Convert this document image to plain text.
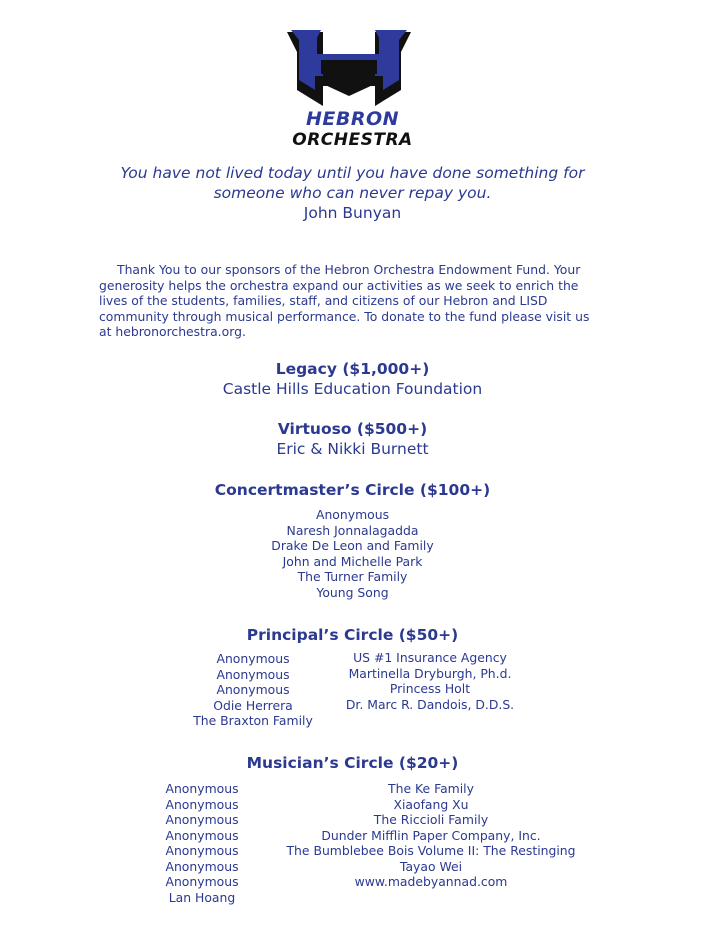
HEBRON
ORCHESTRA
You have not lived today until you have done something for
someone who can never repay you.
John Bunyan
Thank You to our sponsors of the Hebron Orchestra Endowment Fund. Your generosity helps the orchestra expand our activities as we seek to enrich the lives of the students, families, staff, and citizens of our Hebron and LISD community through musical performance. To donate to the fund please visit us at hebronorchestra.org.
Legacy ($1,000+)
Castle Hills Education Foundation
Virtuoso ($500+)
Eric & Nikki Burnett
Concertmaster’s Circle ($100+)
Anonymous
Naresh Jonnalagadda
Drake De Leon and Family
John and Michelle Park
The Turner Family
Young Song
Principal’s Circle ($50+)
Anonymous
Anonymous
Anonymous
Odie Herrera
The Braxton Family
US #1 Insurance Agency
Martinella Dryburgh, Ph.d.
Princess Holt
Dr. Marc R. Dandois, D.D.S.
Musician’s Circle ($20+)
Anonymous
Anonymous
Anonymous
Anonymous
Anonymous
Anonymous
Anonymous
Lan Hoang
The Ke Family
Xiaofang Xu
The Riccioli Family
Dunder Mifflin Paper Company, Inc.
The Bumblebee Bois Volume II: The Restinging
Tayao Wei
www.madebyannad.com
